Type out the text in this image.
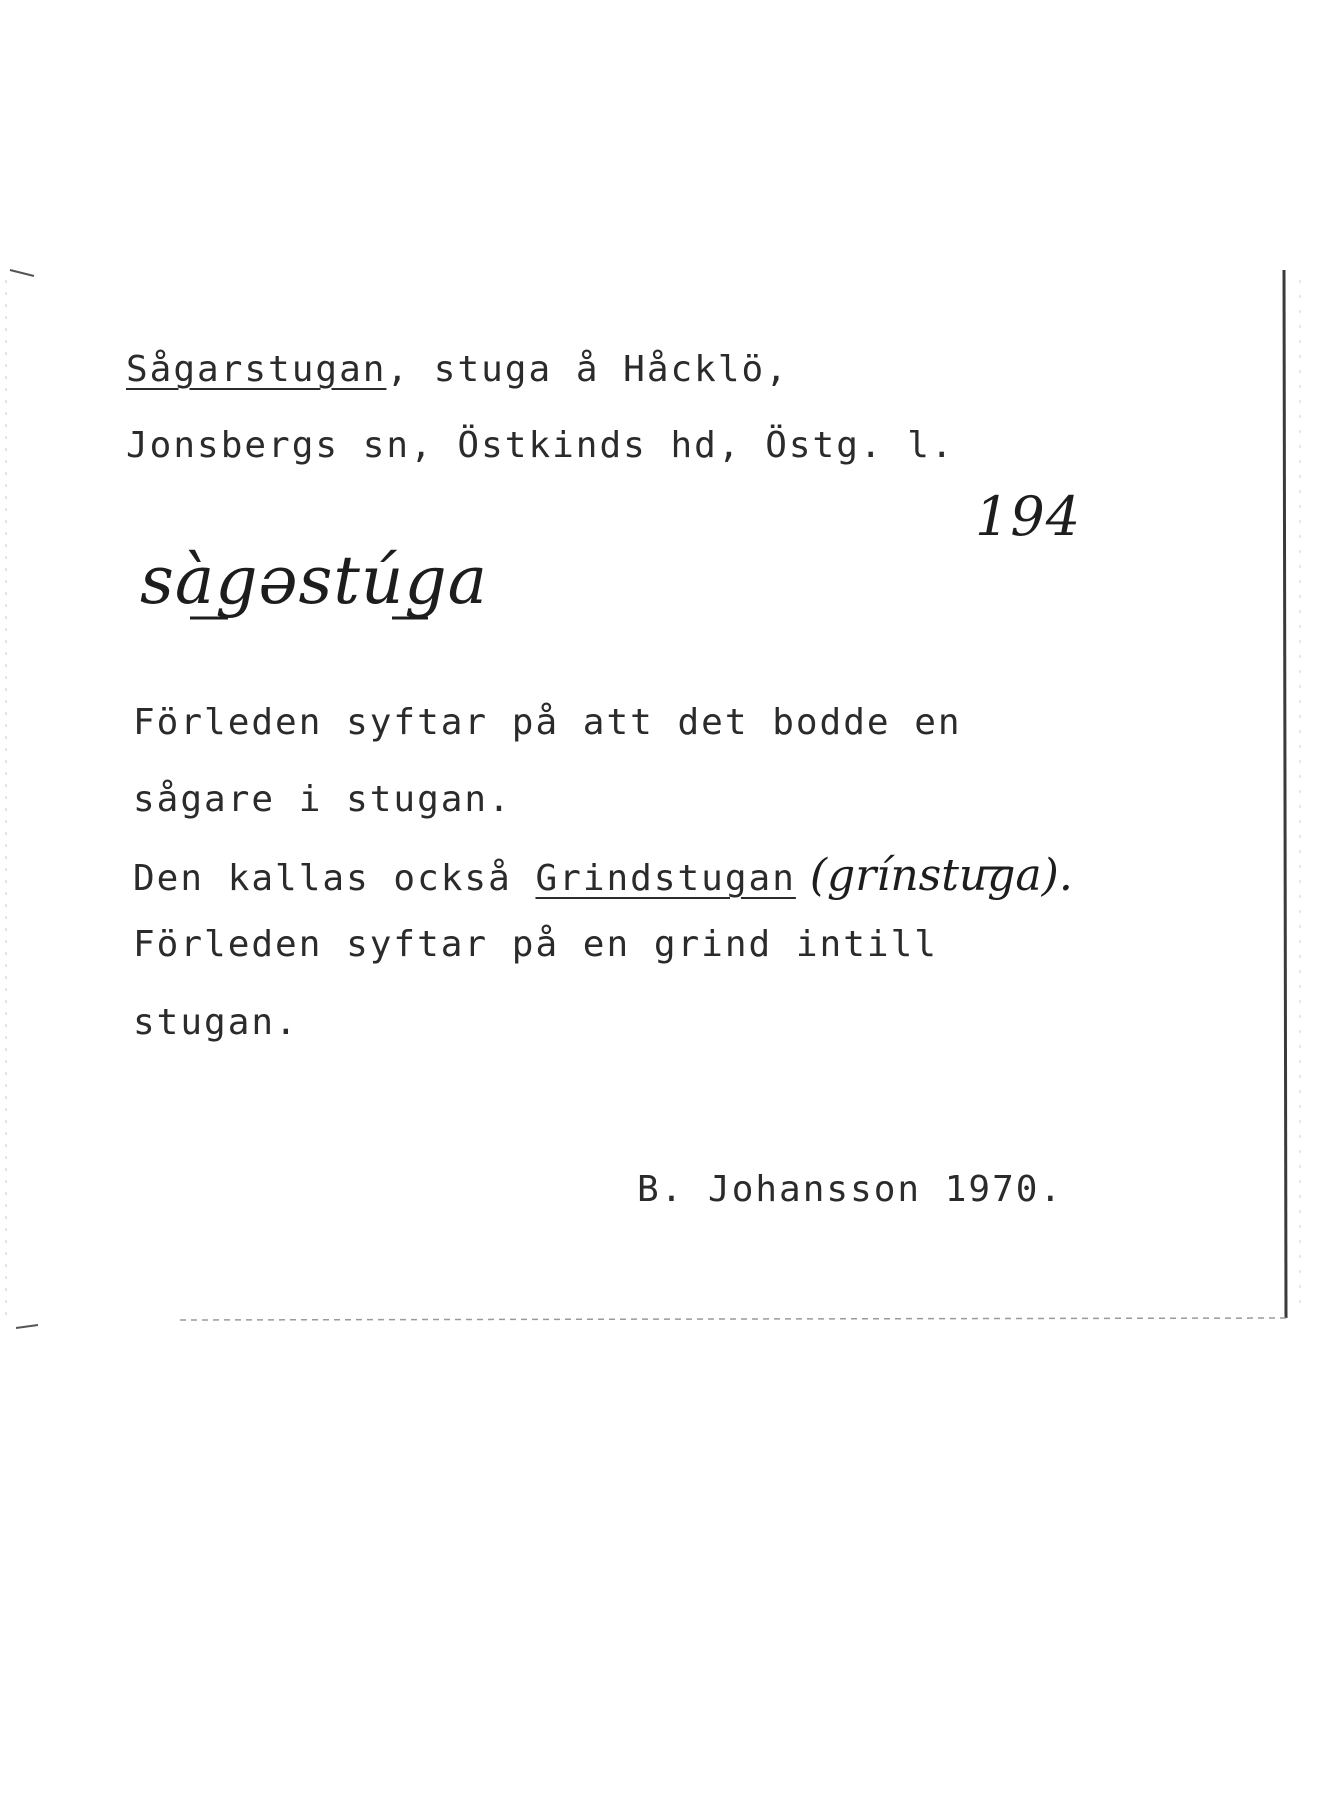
Sågarstugan, stuga å Håcklö,
Jonsbergs sn, Östkinds hd, Östg. l.
194
sàgəstúga
Förleden syftar på att det bodde en
sågare i stugan.
Den kallas också Grindstugan (grínstuga).
Förleden syftar på en grind intill
stugan.
B. Johansson 1970.
